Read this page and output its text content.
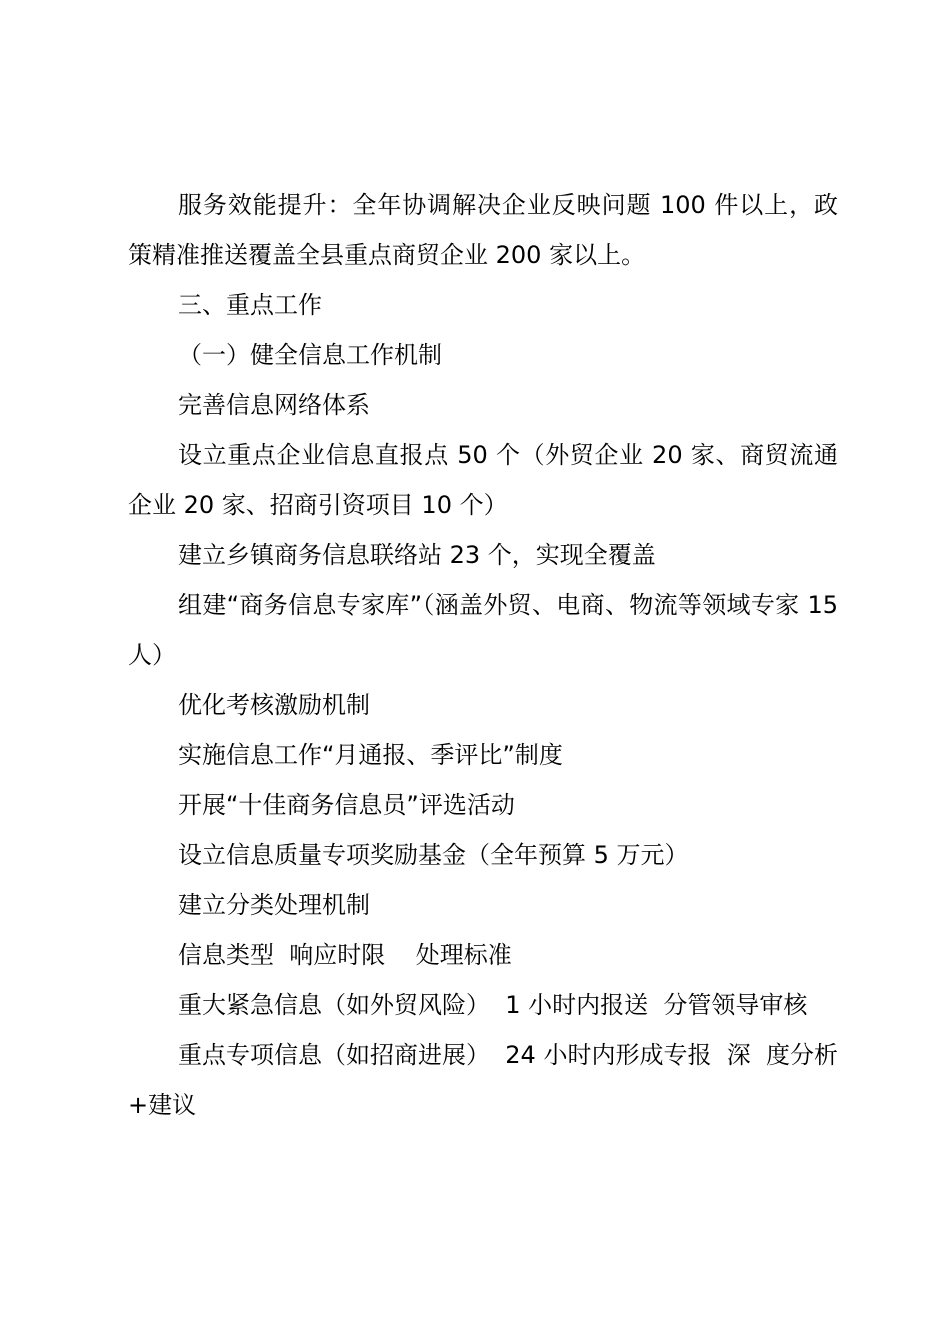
服务效能提升：全年协调解决企业反映问题 100 件以上，政策精准推送覆盖全县重点商贸企业 200 家以上。

三、重点工作

（一）健全信息工作机制

完善信息网络体系

设立重点企业信息直报点 50 个（外贸企业 20 家、商贸流通企业 20 家、招商引资项目 10 个）

建立乡镇商务信息联络站 23 个，实现全覆盖

组建“商务信息专家库”（涵盖外贸、电商、物流等领域专家 15 人）

优化考核激励机制

实施信息工作“月通报、季评比”制度

开展“十佳商务信息员”评选活动

设立信息质量专项奖励基金（全年预算 5 万元）

建立分类处理机制

信息类型  响应时限    处理标准

重大紧急信息（如外贸风险）  1 小时内报送  分管领导审核

重点专项信息（如招商进展）  24 小时内形成专报  深  度分析+建议
